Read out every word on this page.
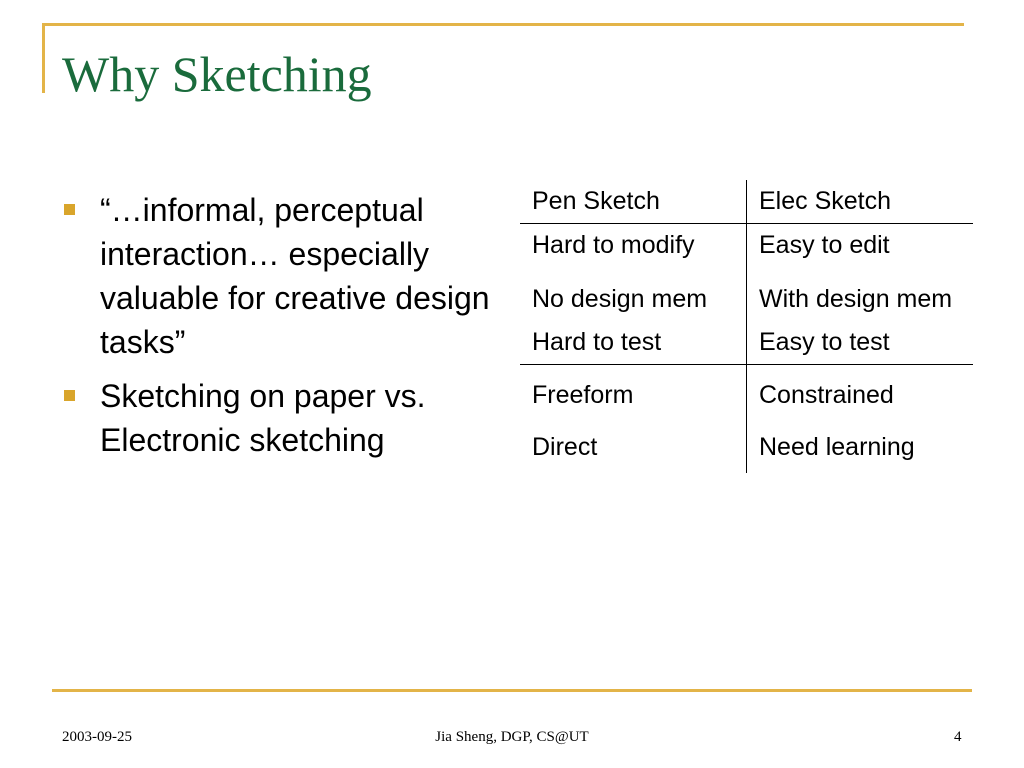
Why Sketching
“…informal, perceptual interaction… especially valuable for creative design tasks”
Sketching on paper vs. Electronic sketching
Pen Sketch	Elec Sketch
Hard to modify	Easy to edit
No design mem	With design mem
Hard to test	Easy to test
Freeform	Constrained
Direct	Need learning
2003-09-25	Jia Sheng, DGP, CS@UT	4
